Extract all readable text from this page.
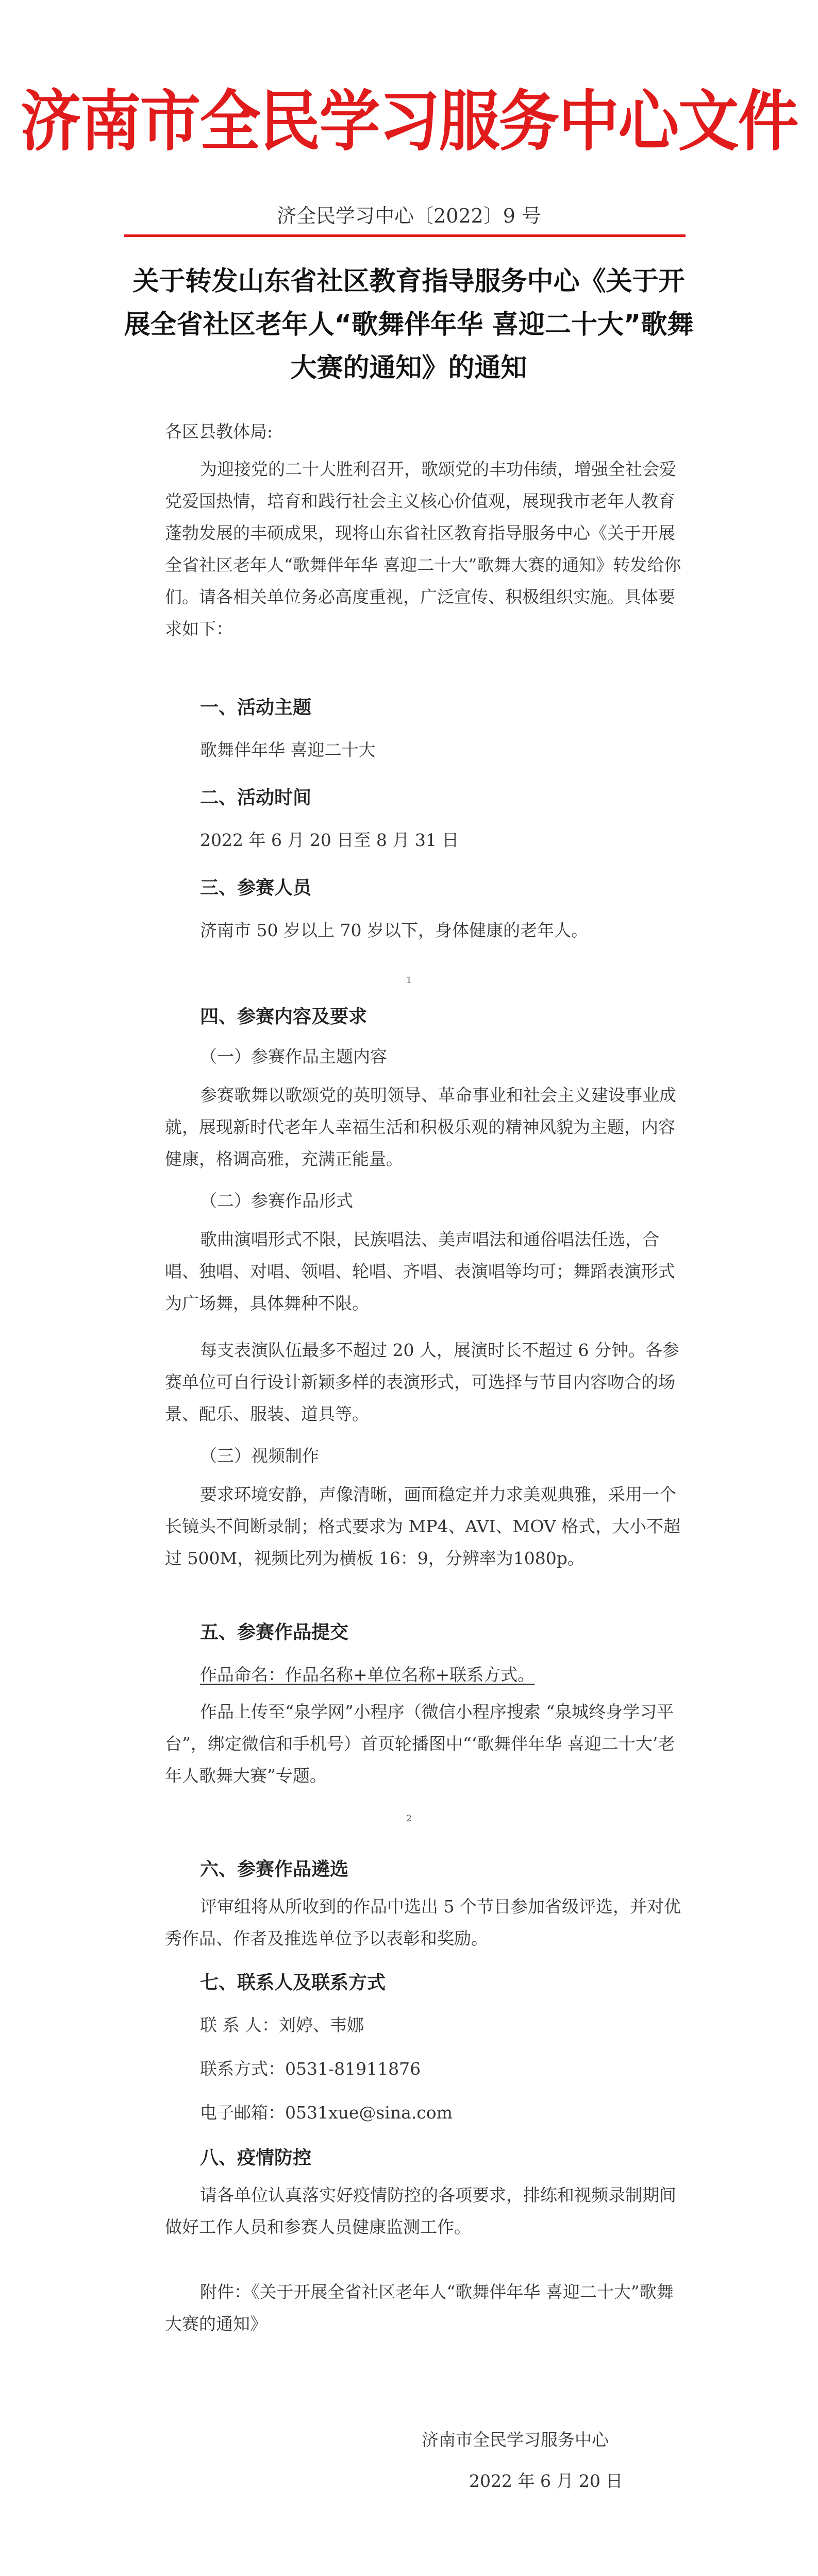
济南市全民学习服务中心文件
济全民学习中心〔2022〕9 号
关于转发山东省社区教育指导服务中心《关于开展全省社区老年人“歌舞伴年华 喜迎二十大”歌舞大赛的通知》的通知
各区县教体局:
为迎接党的二十大胜利召开，歌颂党的丰功伟绩，增强全社会爱党爱国热情，培育和践行社会主义核心价值观，展现我市老年人教育蓬勃发展的丰硕成果，现将山东省社区教育指导服务中心《关于开展全省社区老年人“歌舞伴年华 喜迎二十大”歌舞大赛的通知》转发给你们。请各相关单位务必高度重视，广泛宣传、积极组织实施。具体要求如下：
一、活动主题
歌舞伴年华 喜迎二十大
二、活动时间
2022 年 6 月 20 日至 8 月 31 日
三、参赛人员
济南市 50 岁以上 70 岁以下，身体健康的老年人。
1
四、参赛内容及要求
（一）参赛作品主题内容
参赛歌舞以歌颂党的英明领导、革命事业和社会主义建设事业成就，展现新时代老年人幸福生活和积极乐观的精神风貌为主题，内容健康，格调高雅，充满正能量。
（二）参赛作品形式
歌曲演唱形式不限，民族唱法、美声唱法和通俗唱法任选，合唱、独唱、对唱、领唱、轮唱、齐唱、表演唱等均可；舞蹈表演形式为广场舞，具体舞种不限。
每支表演队伍最多不超过 20 人，展演时长不超过 6 分钟。各参赛单位可自行设计新颖多样的表演形式，可选择与节目内容吻合的场景、配乐、服装、道具等。
（三）视频制作
要求环境安静，声像清晰，画面稳定并力求美观典雅，采用一个长镜头不间断录制；格式要求为 MP4、AVI、MOV 格式，大小不超过 500M，视频比列为横板 16：9，分辨率为1080p。
五、参赛作品提交
作品命名：作品名称+单位名称+联系方式。
作品上传至“泉学网”小程序（微信小程序搜索 “泉城终身学习平台”，绑定微信和手机号）首页轮播图中“‘歌舞伴年华 喜迎二十大’老年人歌舞大赛”专题。
2
六、参赛作品遴选
评审组将从所收到的作品中选出 5 个节目参加省级评选，并对优秀作品、作者及推选单位予以表彰和奖励。
七、联系人及联系方式
联 系 人：刘婷、韦娜
联系方式：0531-81911876
电子邮箱：0531xue@sina.com
八、疫情防控
请各单位认真落实好疫情防控的各项要求，排练和视频录制期间做好工作人员和参赛人员健康监测工作。
附件：《关于开展全省社区老年人“歌舞伴年华 喜迎二十大”歌舞大赛的通知》
济南市全民学习服务中心
2022 年 6 月 20 日
